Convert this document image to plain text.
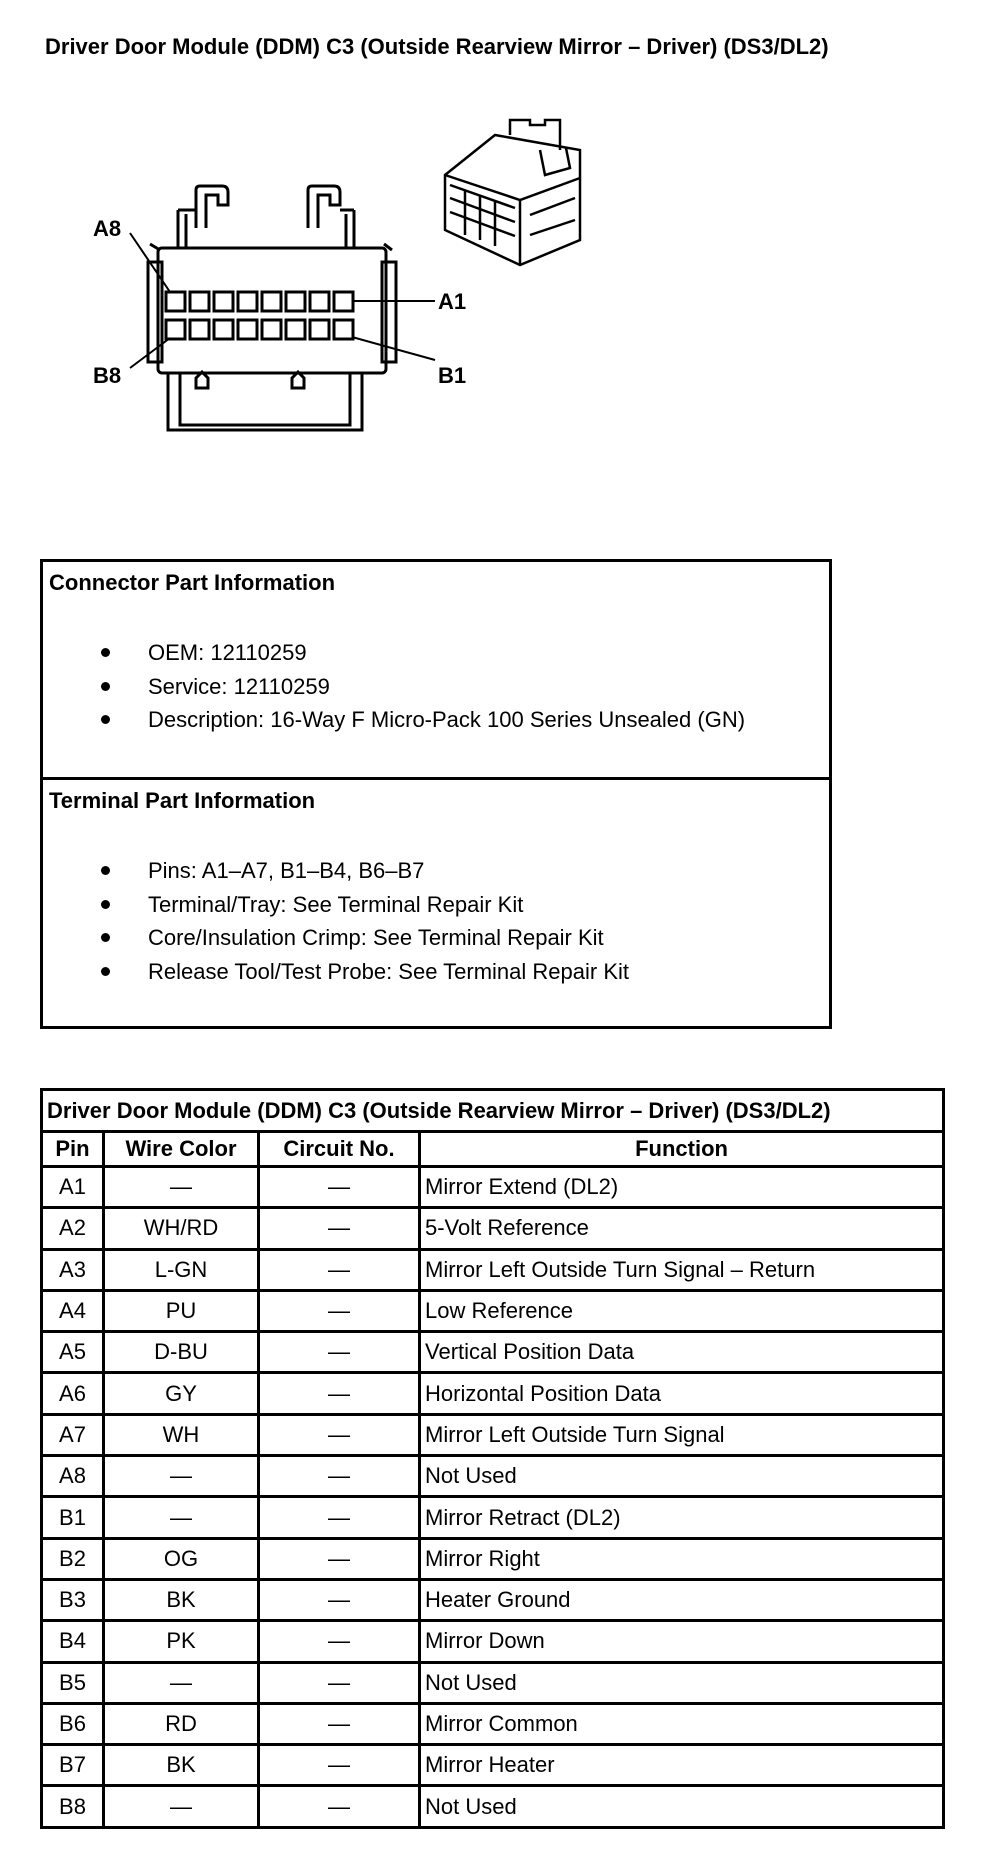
Driver Door Module (DDM) C3 (Outside Rearview Mirror – Driver) (DS3/DL2)
A8
A1
B8	B1
Connector Part Information
OEM: 12110259
Service: 12110259
Description: 16-Way F Micro-Pack 100 Series Unsealed (GN)
Terminal Part Information
Pins: A1–A7, B1–B4, B6–B7
Terminal/Tray: See Terminal Repair Kit
Core/Insulation Crimp: See Terminal Repair Kit
Release Tool/Test Probe: See Terminal Repair Kit
Driver Door Module (DDM) C3 (Outside Rearview Mirror – Driver) (DS3/DL2)			
Pin	Wire Color	Circuit No.	Function
A1	—	—	Mirror Extend (DL2)
A2	WH/RD	—	5-Volt Reference
A3	L-GN	—	Mirror Left Outside Turn Signal – Return
A4	PU	—	Low Reference
A5	D-BU	—	Vertical Position Data
A6	GY	—	Horizontal Position Data
A7	WH	—	Mirror Left Outside Turn Signal
A8	—	—	Not Used
B1	—	—	Mirror Retract (DL2)
B2	OG	—	Mirror Right
B3	BK	—	Heater Ground
B4	PK	—	Mirror Down
B5	—	—	Not Used
B6	RD	—	Mirror Common
B7	BK	—	Mirror Heater
B8	—	—	Not Used
